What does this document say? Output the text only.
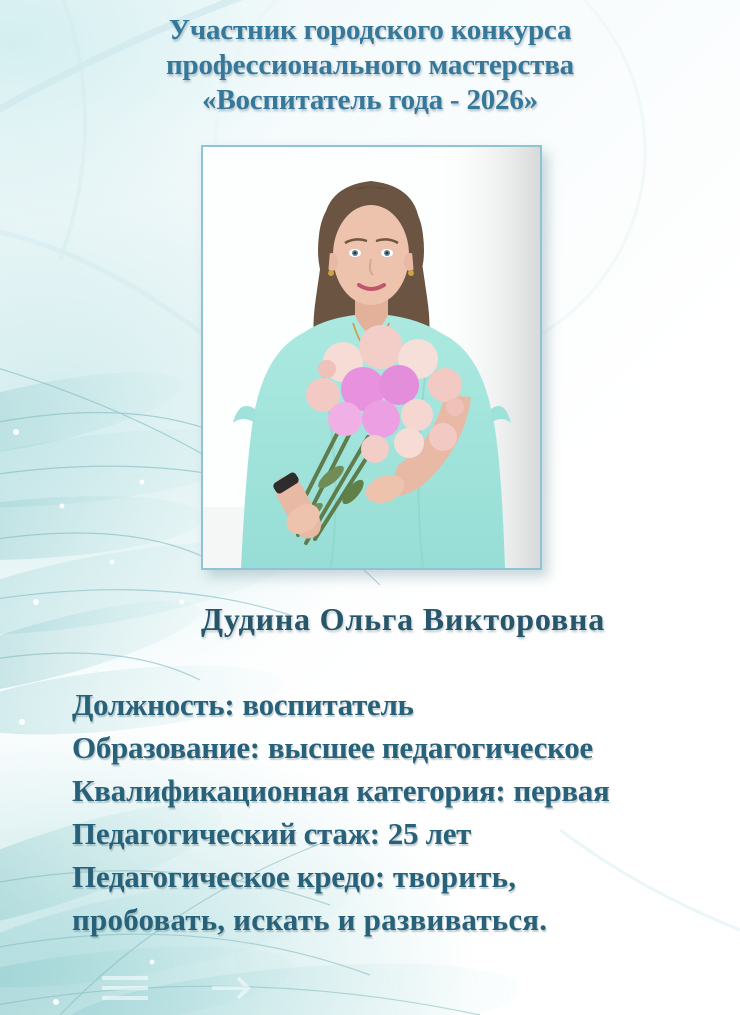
Участник городского конкурса
профессионального мастерства
«Воспитатель года - 2026»
Дудина Ольга Викторовна
Должность: воспитатель
Образование: высшее педагогическое
Квалификационная категория: первая
Педагогический стаж: 25 лет
Педагогическое кредо: творить, пробовать, искать и развиваться.
